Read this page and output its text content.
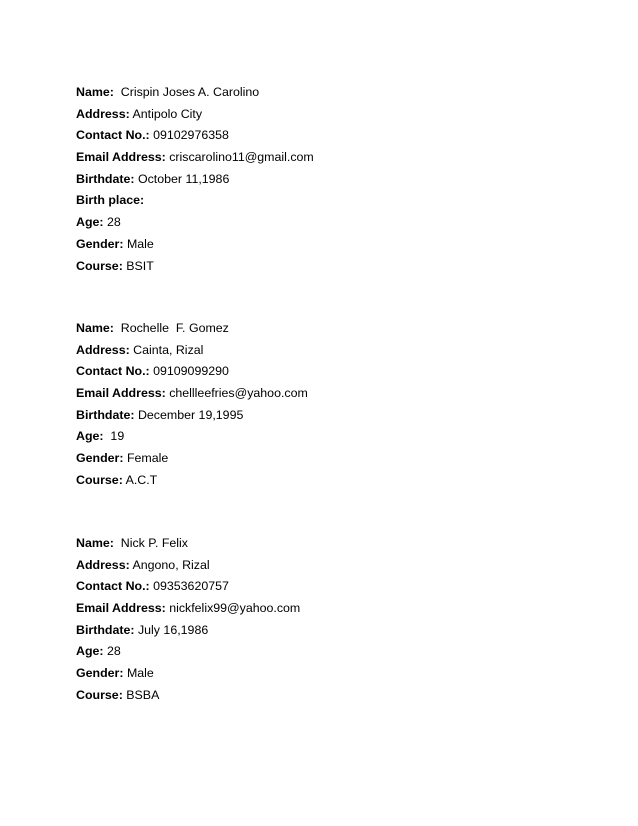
Name:  Crispin Joses A. Carolino
Address: Antipolo City
Contact No.: 09102976358
Email Address: criscarolino11@gmail.com
Birthdate: October 11,1986
Birth place:
Age: 28
Gender: Male
Course: BSIT
Name:  Rochelle  F. Gomez
Address: Cainta, Rizal
Contact No.: 09109099290
Email Address: chellleefries@yahoo.com
Birthdate: December 19,1995
Age:  19
Gender: Female
Course: A.C.T
Name:  Nick P. Felix
Address: Angono, Rizal
Contact No.: 09353620757
Email Address: nickfelix99@yahoo.com
Birthdate: July 16,1986
Age: 28
Gender: Male
Course: BSBA
